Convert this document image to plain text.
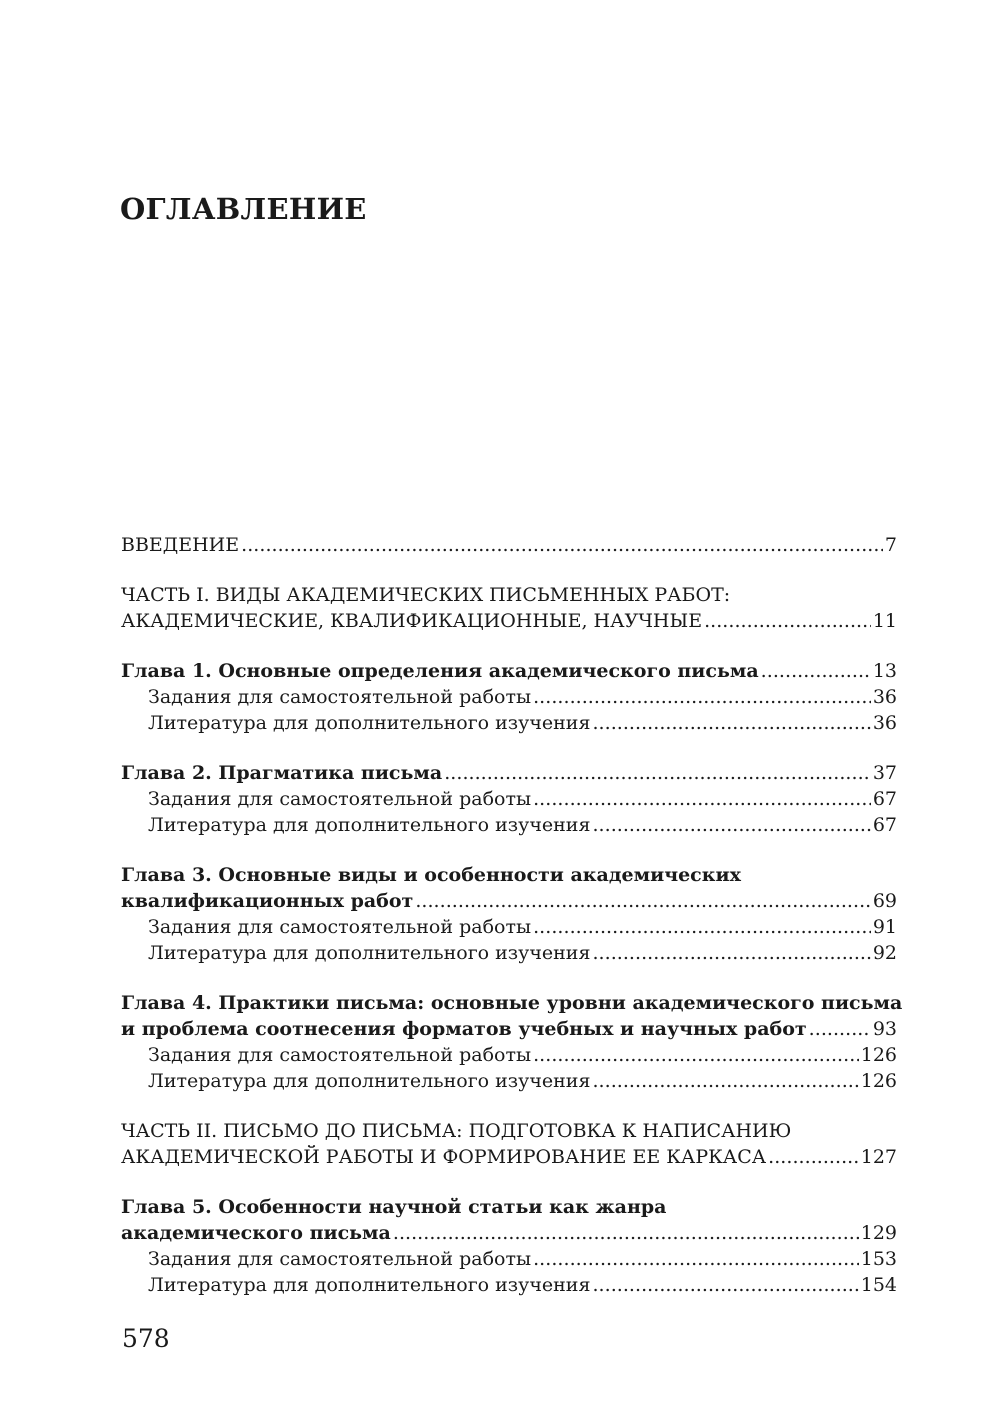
ОГЛАВЛЕНИЕ
ВВЕДЕНИЕ . . .	7
ЧАСТЬ I. ВИДЫ АКАДЕМИЧЕСКИХ ПИСЬМЕННЫХ РАБОТ:
АКАДЕМИЧЕСКИЕ, КВАЛИФИКАЦИОННЫЕ, НАУЧНЫЕ . . .	11
Глава 1. Основные определения академического письма . . .	13
Задания для самостоятельной работы . . .	36
Литература для дополнительного изучения . . .	36
Глава 2. Прагматика письма . . .	37
Задания для самостоятельной работы . . .	67
Литература для дополнительного изучения . . .	67
Глава 3. Основные виды и особенности академических
квалификационных работ . . .	69
Задания для самостоятельной работы . . .	91
Литература для дополнительного изучения . . .	92
Глава 4. Практики письма: основные уровни академического письма
и проблема соотнесения форматов учебных и научных работ . . .	93
Задания для самостоятельной работы . . .	126
Литература для дополнительного изучения . . .	126
ЧАСТЬ II. ПИСЬМО ДО ПИСЬМА: ПОДГОТОВКА К НАПИСАНИЮ
АКАДЕМИЧЕСКОЙ РАБОТЫ И ФОРМИРОВАНИЕ ЕЕ КАРКАСА . . .	127
Глава 5. Особенности научной статьи как жанра
академического письма . . .	129
Задания для самостоятельной работы . . .	153
Литература для дополнительного изучения . . .	154
578
